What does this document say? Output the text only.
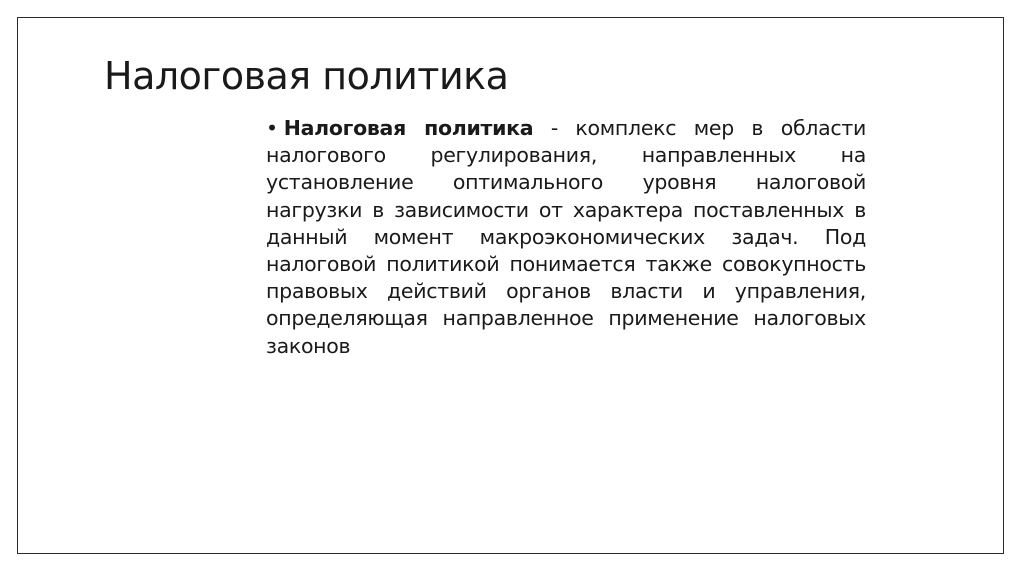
Налоговая политика
• Налоговая политика - комплекс мер в области налогового регулирования, направленных на установление оптимального уровня налоговой нагрузки в зависимости от характера поставленных в данный момент макроэкономических задач. Под налоговой политикой понимается также совокупность правовых действий органов власти и управления, определяющая направленное применение налоговых законов
